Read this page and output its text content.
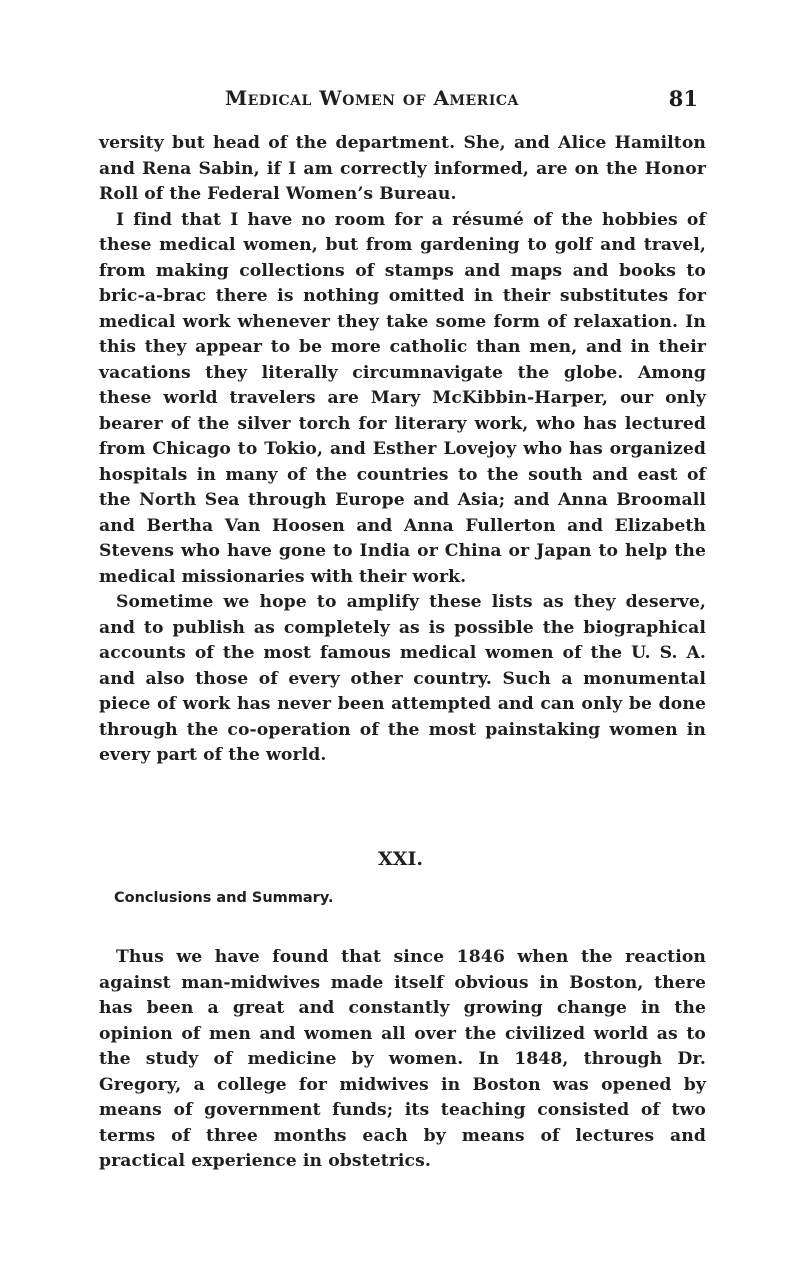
Medical Women of America	81

versity but head of the department. She, and Alice Hamilton and Rena Sabin, if I am correctly informed, are on the Honor Roll of the Federal Women’s Bureau.

I find that I have no room for a résumé of the hobbies of these medical women, but from gardening to golf and travel, from making collections of stamps and maps and books to bric-a-brac there is nothing omitted in their substitutes for medical work whenever they take some form of relaxation. In this they appear to be more catholic than men, and in their vacations they literally circumnavigate the globe. Among these world travelers are Mary McKibbin-Harper, our only bearer of the silver torch for literary work, who has lectured from Chicago to Tokio, and Esther Lovejoy who has organized hospitals in many of the countries to the south and east of the North Sea through Europe and Asia; and Anna Broomall and Bertha Van Hoosen and Anna Fullerton and Elizabeth Stevens who have gone to India or China or Japan to help the medical missionaries with their work.

Sometime we hope to amplify these lists as they deserve, and to publish as completely as is possible the biographical accounts of the most famous medical women of the U. S. A. and also those of every other country. Such a monumental piece of work has never been attempted and can only be done through the co-operation of the most painstaking women in every part of the world.

XXI.
Conclusions and Summary.

Thus we have found that since 1846 when the reaction against man-midwives made itself obvious in Boston, there has been a great and constantly growing change in the opinion of men and women all over the civilized world as to the study of medicine by women. In 1848, through Dr. Gregory, a college for midwives in Boston was opened by means of government funds; its teaching consisted of two terms of three months each by means of lectures and practical experience in obstetrics.
